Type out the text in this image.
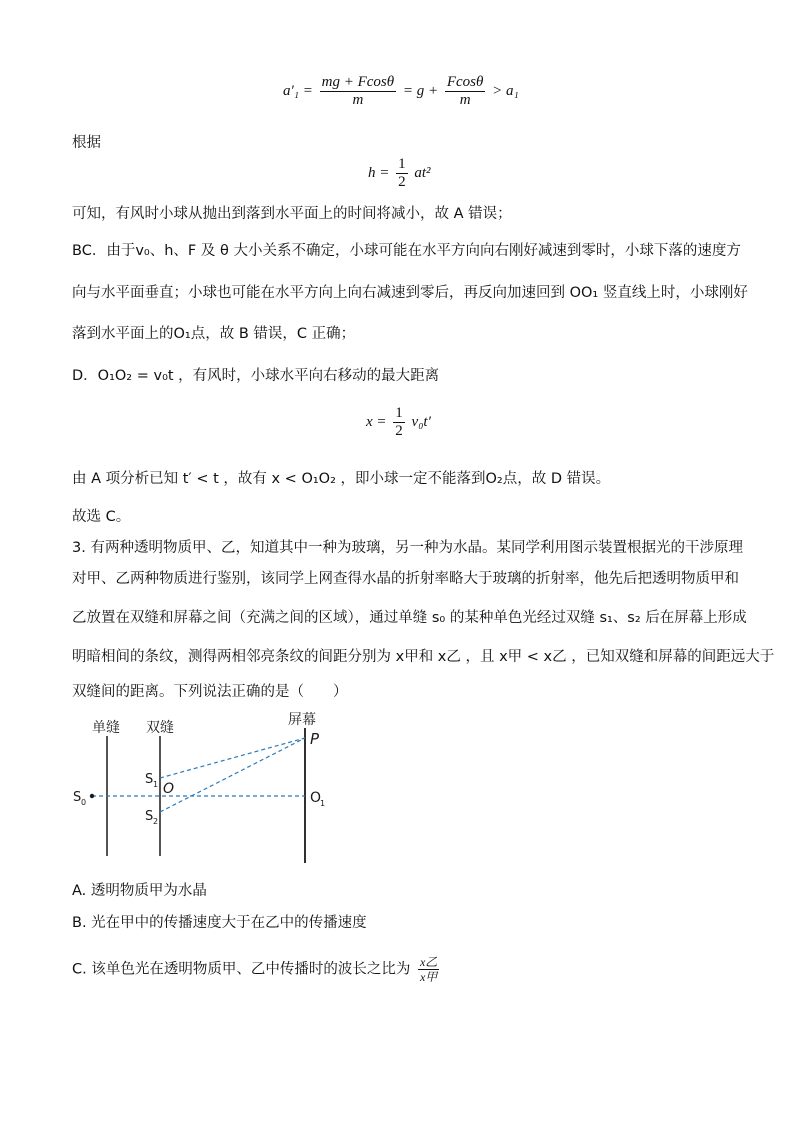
$a'_1 = \frac{mg + Fcos\theta}{m} = g + \frac{Fcos\theta}{m} > a_1$
根据
$h = \frac{1}{2} at^2$
可知，有风时小球从抛出到落到水平面上的时间将减小，故 A 错误；
BC．由于v₀、h、F 及 θ 大小关系不确定，小球可能在水平方向向右刚好减速到零时，小球下落的速度方
向与水平面垂直；小球也可能在水平方向上向右减速到零后，再反向加速回到 OO₁ 竖直线上时，小球刚好
落到水平面上的O₁点，故 B 错误，C 正确；
D．O₁O₂ = v₀t ，有风时，小球水平向右移动的最大距离
$x = \frac{1}{2} v_0t'$
由 A 项分析已知 t′ < t ，故有 x < O₁O₂ ，即小球一定不能落到O₂点，故 D 错误。
故选 C。
3. 有两种透明物质甲、乙，知道其中一种为玻璃，另一种为水晶。某同学利用图示装置根据光的干涉原理
对甲、乙两种物质进行鉴别，该同学上网查得水晶的折射率略大于玻璃的折射率，他先后把透明物质甲和
乙放置在双缝和屏幕之间（充满之间的区域），通过单缝 s₀ 的某种单色光经过双缝 s₁、s₂ 后在屏幕上形成
明暗相间的条纹，测得两相邻亮条纹的间距分别为 x甲和 x乙 ，且 x甲 < x乙 ，已知双缝和屏幕的间距远大于
双缝间的距离。下列说法正确的是（　　）
单缝 双缝	屏幕
P
S 1 O
S 2
S 0	O
1
A. 透明物质甲为水晶
B. 光在甲中的传播速度大于在乙中的传播速度
C. 该单色光在透明物质甲、乙中传播时的波长之比为 $\frac{\text{x乙}}{\text{x甲}}$
